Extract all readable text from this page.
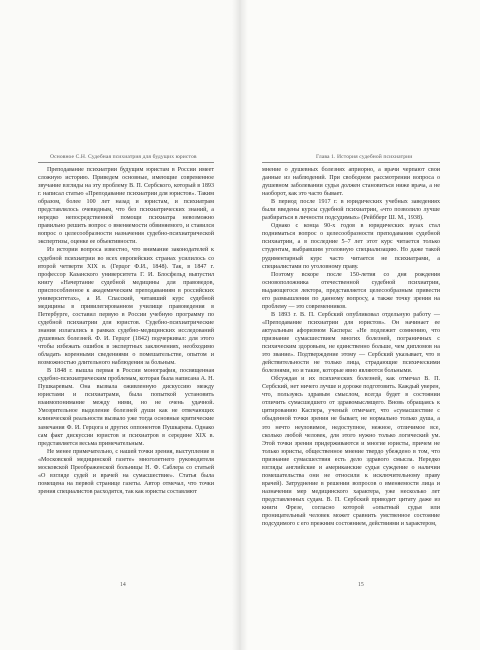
Основное С.Н. Судебная психиатрия для будущих юристов

Преподавание психиатрии будущим юристам в России имеет сложную историю. Приведем основные, имеющие современное звучание взгляды на эту проблему В. П. Сербского, который в 1893 г. написал статью «Преподавание психиатрии для юристов». Таким образом, более 100 лет назад и юристам, и психиатрам представлялось очевидным, что без психиатрических знаний, а нередко непосредственной помощи психиатра невозможно правильно решить вопрос о вменяемости обвиняемого, и ставился вопрос о целесообразности назначения судебно-психиатрической экспертизы, оценке ее объективности.

Из истории вопроса известно, что внимание законодателей к судебной психиатрии во всех европейских странах усилилось со второй четверти XIX в. (Герцог Ф.И., 1848). Так, в 1847 г. профессор Казанского университета Г. И. Блосфельд выпустил книгу «Начертание судебной медицины для правоведов, приспособленное к академическим преподаваниям в российских университетах», а И. Спасский, читавший курс судебной медицины в привилегированном училище правоведения в Петербурге, составил первую в России учебную программу по судебной психиатрии для юристов. Судебно-психиатрические знания излагались в рамках судебно-медицинских исследований душевных болезней. Ф. И. Герцог (1842) подчеркивал: для этого чтобы избежать ошибок в экспертных заключениях, необходимо обладать коренными сведениями о помешательстве, опытом и возможностью длительного наблюдения за больным.

В 1848 г. вышла первая в России монография, посвященная судебно-психиатрическим проблемам, которая была написана А. Н. Пушкаревым. Она вызвала оживленную дискуссию между юристами и психиатрами, была попыткой установить взаимопонимание между ними, но не очень удачной. Умозрительное выделение болезней души как не отвечающих клинической реальности вызвало уже тогда основные критические замечания Ф. И. Герцога и других оппонентов Пушкарева. Однако сам факт дискуссии юристов и психиатров в середине XIX в. представляется весьма примечательным.

Не менее примечательно, с нашей точки зрения, выступление в «Московской медицинской газете» многолетнего руководителя московской Преображенской больницы Н. Ф. Саблера со статьей «О взгляде судей и врачей на сумасшествие». Статья была помещена на первой странице газеты. Автор отмечал, что точки зрения специалистов расходятся, так как юристы составляют

14
Глава 1. История судебной психиатрии

мнение о душевных болезнях априорно, а врачи черпают свои данные из наблюдений. При свободном рассмотрении вопроса о душевном заболевании судья должен становиться ниже врача, а не наоборот, как это часто бывает.

В период после 1917 г. в юридических учебных заведениях были введены курсы судебной психиатрии, «что позволило лучше разбираться в личности подсудимых» (Рейбберг Ш. М., 1938).

Однако с конца 90-х годов в юридических вузах стал подниматься вопрос о целесообразности преподавания судебной психиатрии, а в последние 5–7 лет этот курс читается только студентам, выбравшим уголовную специализацию. Но даже такой рудиментарный курс часто читается не психиатрами, а специалистами по уголовному праву.

Поэтому вскоре после 150-летия со дня рождения основоположника отечественной судебной психиатрии, выдающегося лектора, представляется целесообразным привести его размышления по данному вопросу, а также точку зрения на проблему — это современников.

В 1893 г. В. П. Сербский опубликовал отдельную работу — «Преподавание психиатрии для юристов». Он начинает ее актуальным афоризмом Каспера: «Не подлежит сомнению, что признание сумасшествием многих болезней, пограничных с психическим здоровьем, не единственно больше, чем дипломов на это звание». Подтверждение этому — Сербский указывает, что в действительности не только лица, страдающие психическими болезнями, но и такие, которые явно являются больными.

Обсуждая и их психических болезней, как отмечал В. П. Сербский, нет ничего лучше и дороже подготовить. Каждый уверен, что, пользуясь здравым смыслом, всегда будет в состоянии отличить сумасшедшего от здравомыслящего. Вновь обращаясь к цитированию Каспера, ученый отмечает, что «сумасшествие с обыденной точки зрения не бывает, не нормально только душа, а это нечто неуловимое, недоступное, нежное, отличимое все, сколько любой человек, для этого нужно только логический ум. Этой точки зрения придерживаются и многие юристы, причем не только юристы, общественное мнение твердо убеждено в том, что признание сумасшествия есть дело здравого смысла. Нередко взгляды английские и американские судьи суждение о наличии помешательства они не относили к исключительному праву врачей). Затруднение в решении вопросов о вменяемости лица и назначении мер медицинского характера, уже несколько лет представленных судам. В. П. Сербский приводит цитату даже из книги Фрезе, согласно которой «опытный судья или проницательный человек может сравнить умственное состояние подсудимого с его прежним состоянием, действиями и характером,

15
